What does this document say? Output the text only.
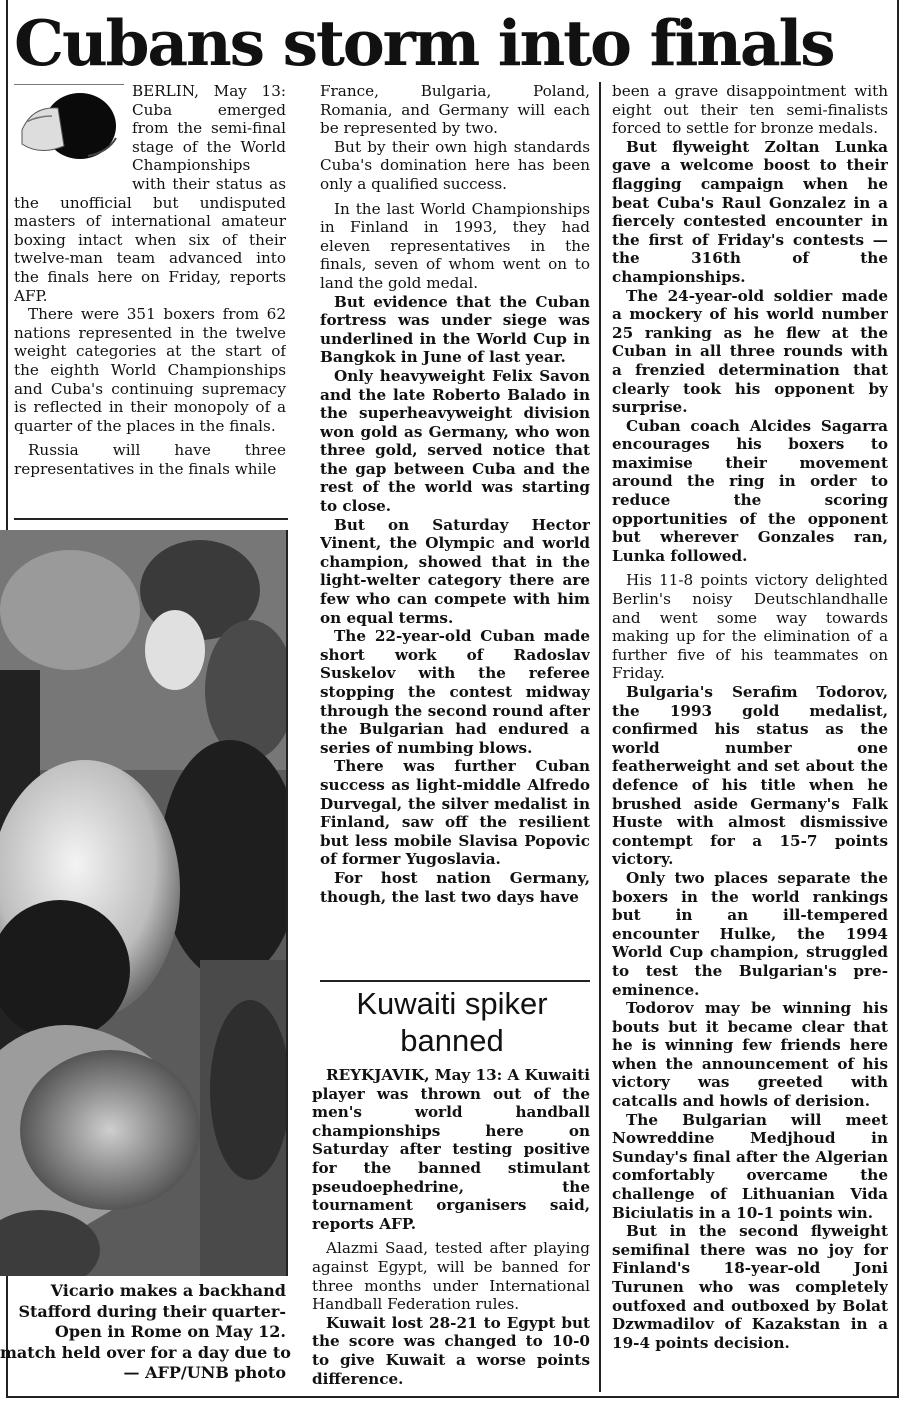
Cubans storm into finals

BERLIN, May 13: Cuba emerged from the semi-final stage of the World Championships with their status as the unofficial but undisputed masters of international amateur boxing intact when six of their twelve-man team advanced into the finals here on Friday, reports AFP.

There were 351 boxers from 62 nations represented in the twelve weight categories at the start of the eighth World Championships and Cuba's continuing supremacy is reflected in their monopoly of a quarter of the places in the finals.

Russia will have three representatives in the finals while

Vicario makes a backhand
Stafford during their quarter-
Open in Rome on May 12.
match held over for a day due to
— AFP/UNB photo

France, Bulgaria, Poland, Romania, and Germany will each be represented by two.

But by their own high standards Cuba's domination here has been only a qualified success.

In the last World Championships in Finland in 1993, they had eleven representatives in the finals, seven of whom went on to land the gold medal.

But evidence that the Cuban fortress was under siege was underlined in the World Cup in Bangkok in June of last year.

Only heavyweight Felix Savon and the late Roberto Balado in the superheavyweight division won gold as Germany, who won three gold, served notice that the gap between Cuba and the rest of the world was starting to close.

But on Saturday Hector Vinent, the Olympic and world champion, showed that in the light-welter category there are few who can compete with him on equal terms.

The 22-year-old Cuban made short work of Radoslav Suskelov with the referee stopping the contest midway through the second round after the Bulgarian had endured a series of numbing blows.

There was further Cuban success as light-middle Alfredo Durvegal, the silver medalist in Finland, saw off the resilient but less mobile Slavisa Popovic of former Yugoslavia.

For host nation Germany, though, the last two days have

Kuwaiti spiker
banned

REYKJAVIK, May 13: A Kuwaiti player was thrown out of the men's world handball championships here on Saturday after testing positive for the banned stimulant pseudoephedrine, the tournament organisers said, reports AFP.

Alazmi Saad, tested after playing against Egypt, will be banned for three months under International Handball Federation rules.

Kuwait lost 28-21 to Egypt but the score was changed to 10-0 to give Kuwait a worse points difference.

been a grave disappointment with eight out their ten semi-finalists forced to settle for bronze medals.

But flyweight Zoltan Lunka gave a welcome boost to their flagging campaign when he beat Cuba's Raul Gonzalez in a fiercely contested encounter in the first of Friday's contests — the 316th of the championships.

The 24-year-old soldier made a mockery of his world number 25 ranking as he flew at the Cuban in all three rounds with a frenzied determination that clearly took his opponent by surprise.

Cuban coach Alcides Sagarra encourages his boxers to maximise their movement around the ring in order to reduce the scoring opportunities of the opponent but wherever Gonzales ran, Lunka followed.

His 11-8 points victory delighted Berlin's noisy Deutschlandhalle and went some way towards making up for the elimination of a further five of his teammates on Friday.

Bulgaria's Serafim Todorov, the 1993 gold medalist, confirmed his status as the world number one featherweight and set about the defence of his title when he brushed aside Germany's Falk Huste with almost dismissive contempt for a 15-7 points victory.

Only two places separate the boxers in the world rankings but in an ill-tempered encounter Hulke, the 1994 World Cup champion, struggled to test the Bulgarian's pre-eminence.

Todorov may be winning his bouts but it became clear that he is winning few friends here when the announcement of his victory was greeted with catcalls and howls of derision.

The Bulgarian will meet Nowreddine Medjhoud in Sunday's final after the Algerian comfortably overcame the challenge of Lithuanian Vida Biciulatis in a 10-1 points win.

But in the second flyweight semifinal there was no joy for Finland's 18-year-old Joni Turunen who was completely outfoxed and outboxed by Bolat Dzwmadilov of Kazakstan in a 19-4 points decision.
